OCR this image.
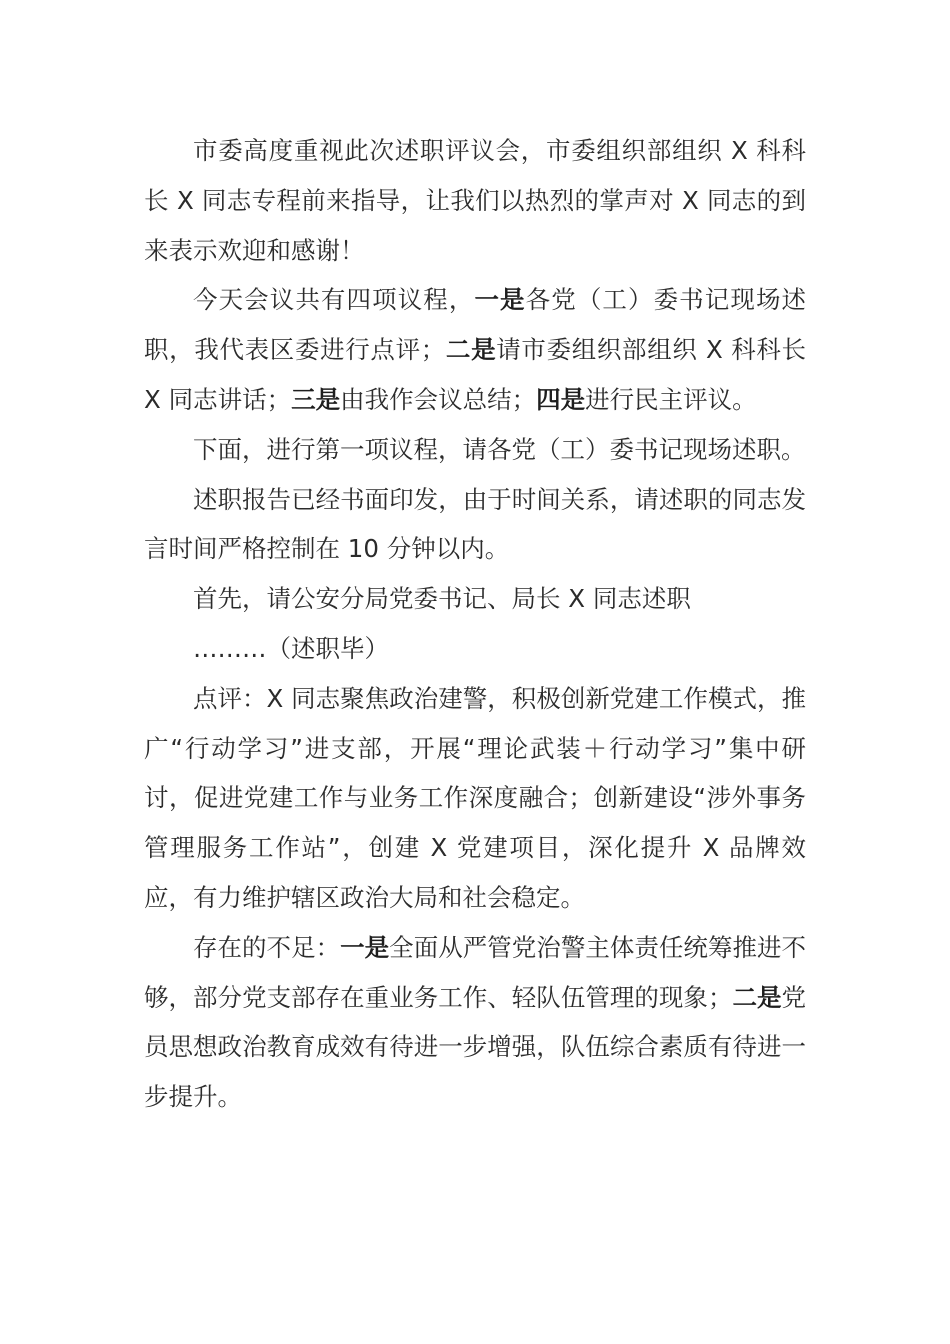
市委高度重视此次述职评议会，市委组织部组织 X 科科长 X 同志专程前来指导，让我们以热烈的掌声对 X 同志的到来表示欢迎和感谢！

今天会议共有四项议程，一是各党（工）委书记现场述职，我代表区委进行点评；二是请市委组织部组织 X 科科长 X 同志讲话；三是由我作会议总结；四是进行民主评议。

下面，进行第一项议程，请各党（工）委书记现场述职。

述职报告已经书面印发，由于时间关系，请述职的同志发言时间严格控制在 10 分钟以内。

首先，请公安分局党委书记、局长 X 同志述职

………（述职毕）

点评：X 同志聚焦政治建警，积极创新党建工作模式，推广“行动学习”进支部，开展“理论武装＋行动学习”集中研讨，促进党建工作与业务工作深度融合；创新建设“涉外事务管理服务工作站”，创建 X 党建项目，深化提升 X 品牌效应，有力维护辖区政治大局和社会稳定。

存在的不足：一是全面从严管党治警主体责任统筹推进不够，部分党支部存在重业务工作、轻队伍管理的现象；二是党员思想政治教育成效有待进一步增强，队伍综合素质有待进一步提升。
